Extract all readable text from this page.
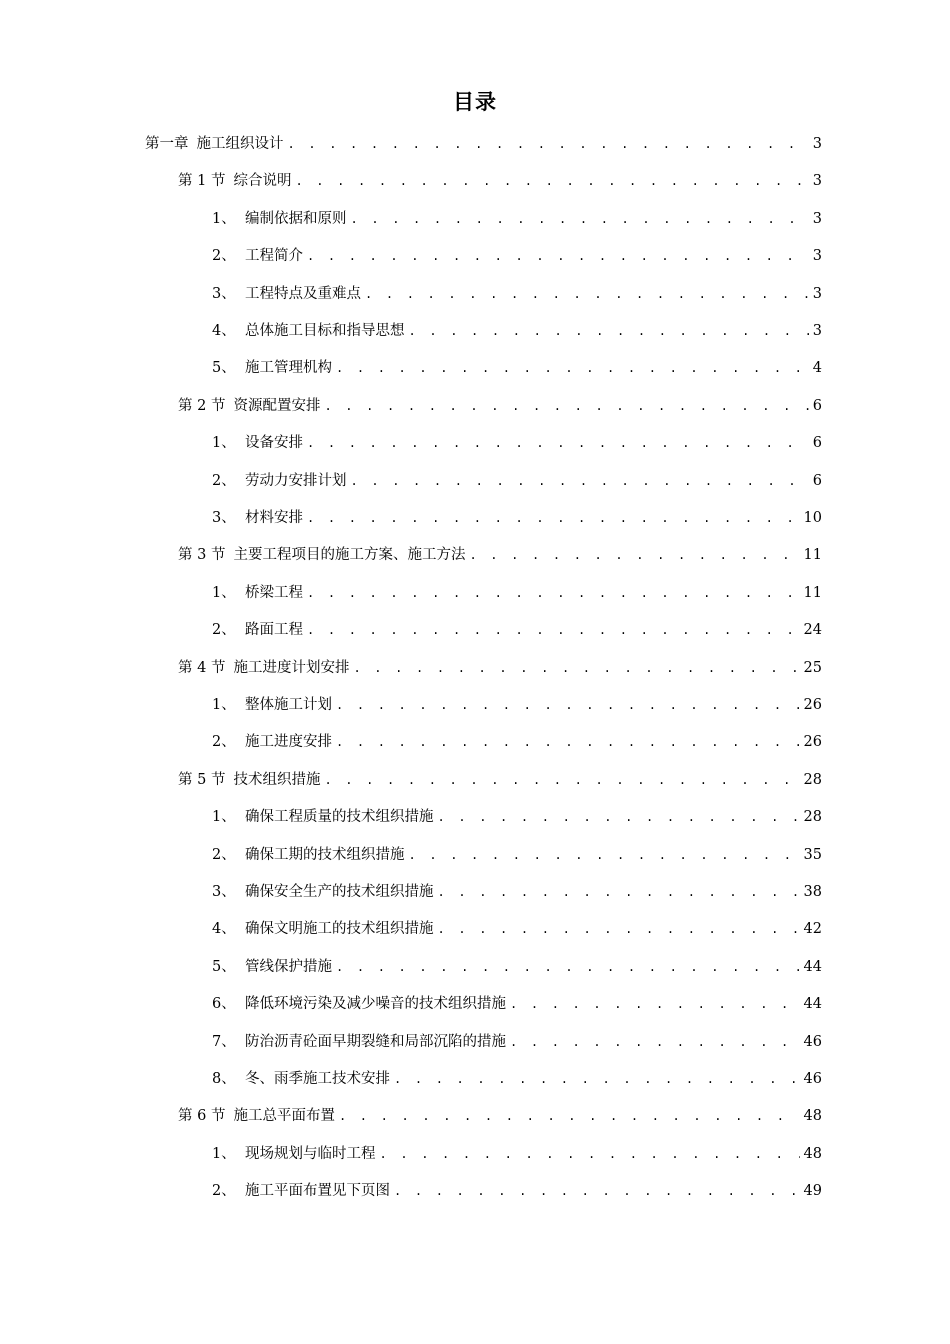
目录
第一章 施工组织设计 . . .	3
第 1 节 综合说明 . . .	3
1、 编制依据和原则 . . .	3
2、 工程简介 . . .	3
3、 工程特点及重难点 . . .	3
4、 总体施工目标和指导思想 . . .	3
5、 施工管理机构 . . .	4
第 2 节 资源配置安排 . . .	6
1、 设备安排 . . .	6
2、 劳动力安排计划 . . .	6
3、 材料安排 . . .	10
第 3 节 主要工程项目的施工方案、施工方法 . . .	11
1、 桥梁工程 . . .	11
2、 路面工程 . . .	24
第 4 节 施工进度计划安排 . . .	25
1、 整体施工计划 . . .	26
2、 施工进度安排 . . .	26
第 5 节 技术组织措施 . . .	28
1、 确保工程质量的技术组织措施 . . .	28
2、 确保工期的技术组织措施 . . .	35
3、 确保安全生产的技术组织措施 . . .	38
4、 确保文明施工的技术组织措施 . . .	42
5、 管线保护措施 . . .	44
6、 降低环境污染及减少噪音的技术组织措施 . . .	44
7、 防治沥青砼面早期裂缝和局部沉陷的措施 . . .	46
8、 冬、雨季施工技术安排 . . .	46
第 6 节 施工总平面布置 . . .	48
1、 现场规划与临时工程 . . .	48
2、 施工平面布置见下页图 . . .	49
